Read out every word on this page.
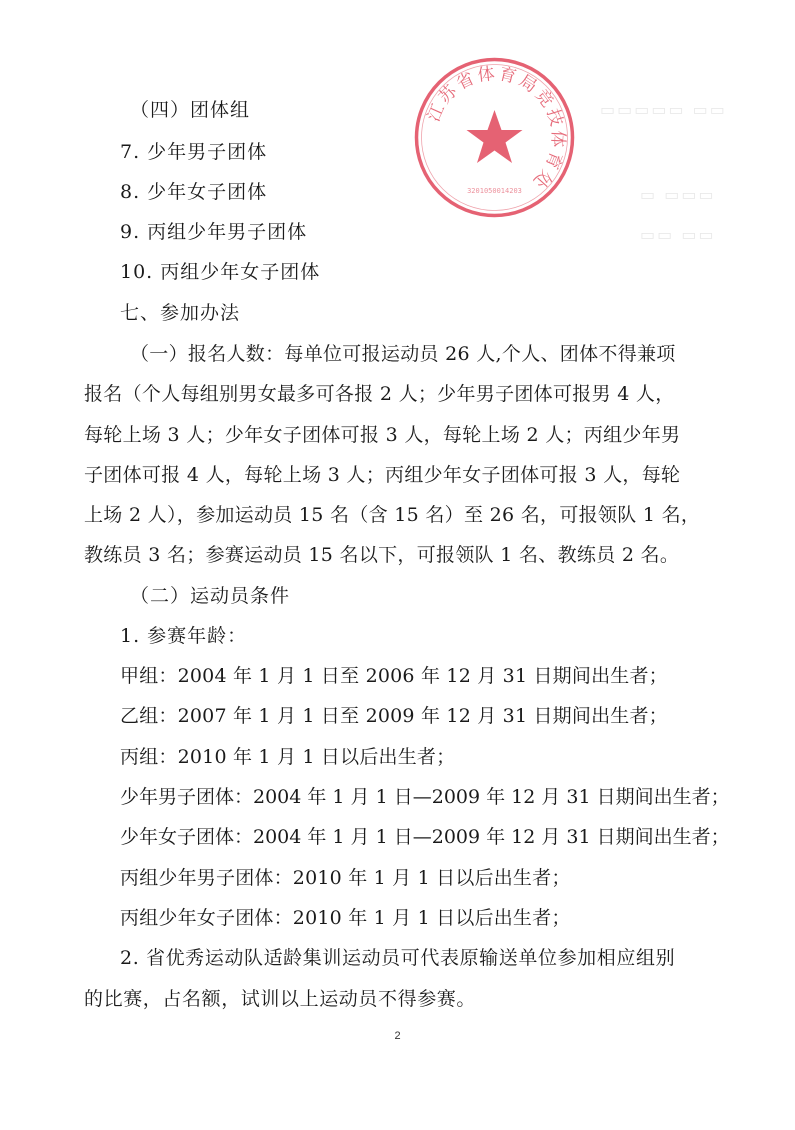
▭▭▭▭▭ ▭▭
▭ ▭▭▭
▭▭ ▭▭
江苏省体育局竞技体育处
3201050014203
（四）团体组
7. 少年男子团体
8. 少年女子团体
9. 丙组少年男子团体
10. 丙组少年女子团体
七、参加办法
（一）报名人数：每单位可报运动员 26 人,个人、团体不得兼项
报名（个人每组别男女最多可各报 2 人；少年男子团体可报男 4 人，
每轮上场 3 人；少年女子团体可报 3 人，每轮上场 2 人；丙组少年男
子团体可报 4 人，每轮上场 3 人；丙组少年女子团体可报 3 人，每轮
上场 2 人），参加运动员 15 名（含 15 名）至 26 名，可报领队 1 名，
教练员 3 名；参赛运动员 15 名以下，可报领队 1 名、教练员 2 名。
（二）运动员条件
1. 参赛年龄：
甲组：2004 年 1 月 1 日至 2006 年 12 月 31 日期间出生者；
乙组：2007 年 1 月 1 日至 2009 年 12 月 31 日期间出生者；
丙组：2010 年 1 月 1 日以后出生者；
少年男子团体：2004 年 1 月 1 日—2009 年 12 月 31 日期间出生者；
少年女子团体：2004 年 1 月 1 日—2009 年 12 月 31 日期间出生者；
丙组少年男子团体：2010 年 1 月 1 日以后出生者；
丙组少年女子团体：2010 年 1 月 1 日以后出生者；
2. 省优秀运动队适龄集训运动员可代表原输送单位参加相应组别
的比赛，占名额，试训以上运动员不得参赛。
2
